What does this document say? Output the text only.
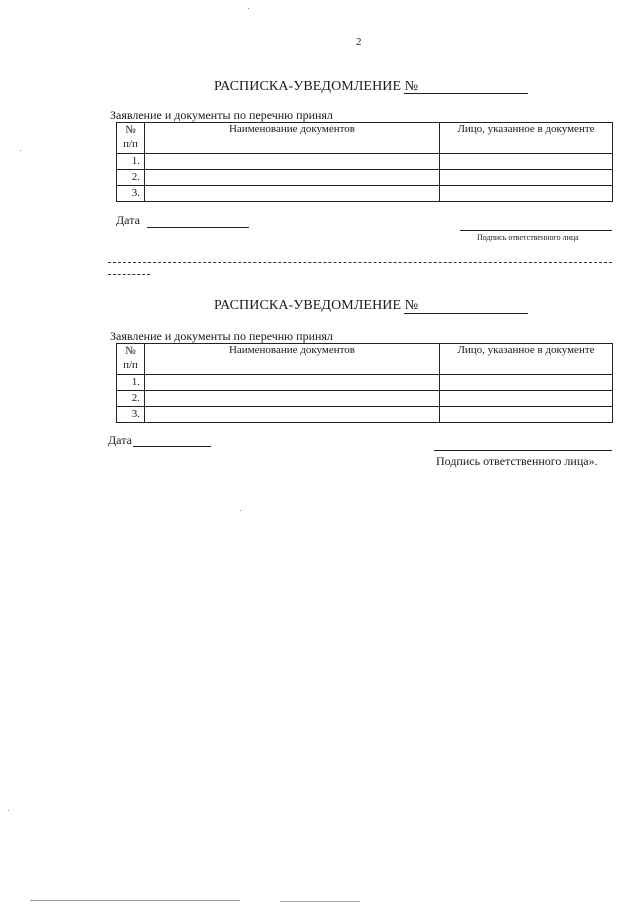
2
РАСПИСКА-УВЕДОМЛЕНИЕ №
Заявление и документы по перечню принял
№
п/п	Наименование документов	Лицо, указанное в документе
1.		
2.		
3.		
Дата
Подпись ответственного лица
РАСПИСКА-УВЕДОМЛЕНИЕ №
Заявление и документы по перечню принял
№
п/п	Наименование документов	Лицо, указанное в документе
1.		
2.		
3.		
Дата
Подпись ответственного лица».
